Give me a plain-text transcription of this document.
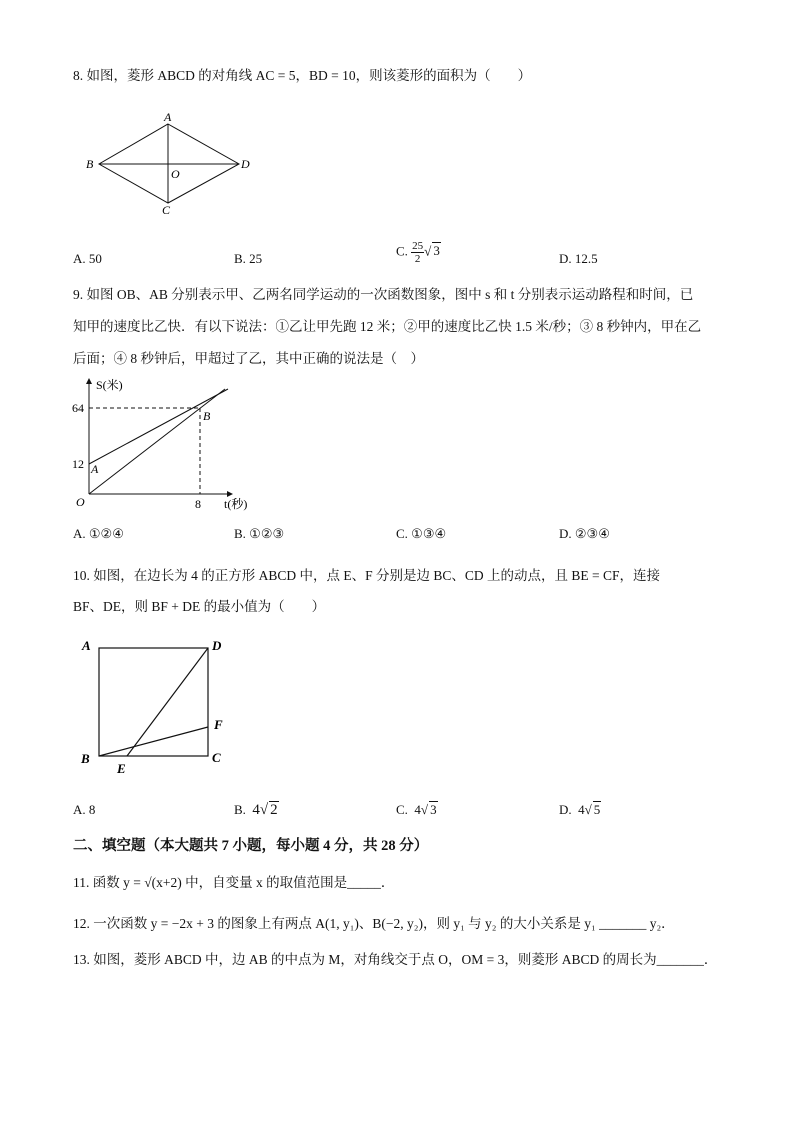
8. 如图，菱形 ABCD 的对角线 AC = 5，BD = 10，则该菱形的面积为（　　）
A
B	D
C
O
A. 50	B. 25
C. $\frac{25}{2}$ √ 3
D. 12.5
9. 如图 OB、AB 分别表示甲、乙两名同学运动的一次函数图象，图中 s 和 t 分别表示运动路程和时间，已
知甲的速度比乙快．有以下说法：①乙让甲先跑 12 米；②甲的速度比乙快 1.5 米/秒；③ 8 秒钟内，甲在乙
后面；④ 8 秒钟后，甲超过了乙，其中正确的说法是（　）
S(米)
t(秒)
64
12
8
O
A
B
A. ①②④	B. ①②③	C. ①③④	D. ②③④
10. 如图，在边长为 4 的正方形 ABCD 中，点 E、F 分别是边 BC、CD 上的动点，且 BE = CF，连接
BF、DE，则 BF + DE 的最小值为（　　）
A	D
B	C
E
F
A. 8	B. 4√ 2	C. 4√ 3	D. 4√ 5
二、填空题（本大题共 7 小题，每小题 4 分，共 28 分）
11. 函数 y = √(x+2) 中，自变量 x 的取值范围是_____．
12. 一次函数 y = −2x + 3 的图象上有两点 A(1, y₁)、B(−2, y₂)，则 y₁ 与 y₂ 的大小关系是 y₁ _______ y₂．
13. 如图，菱形 ABCD 中，边 AB 的中点为 M，对角线交于点 O，OM = 3，则菱形 ABCD 的周长为_______．
